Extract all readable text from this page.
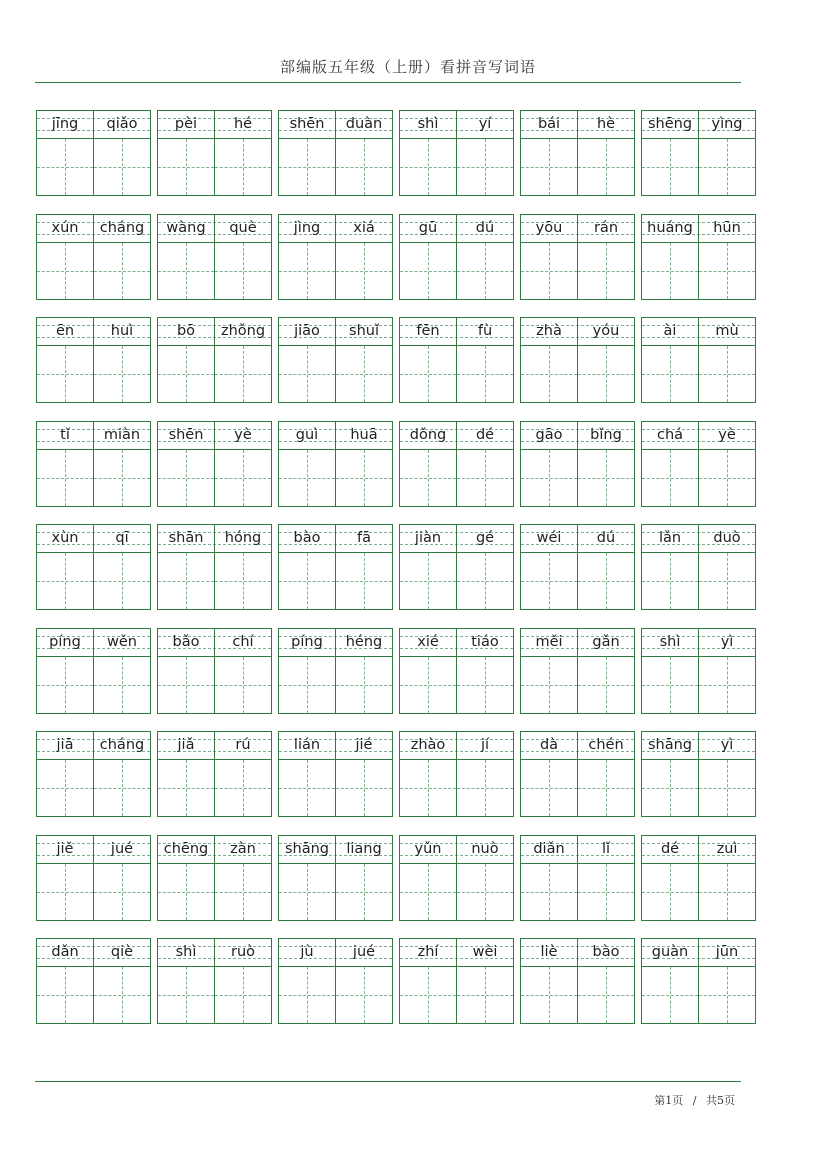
部编版五年级（上册）看拼音写词语
jīng	qiǎo	pèi	hé	shēn	duàn	shì	yí	bái	hè	shēng	yìng
xún	cháng	wàng	què	jìng	xiá	gū	dú	yōu	rán	huáng	hūn
ēn	huì	bō	zhǒng	jiāo	shuǐ	fēn	fù	zhà	yóu	ài	mù
tǐ	miàn	shēn	yè	guì	huā	dǒng	dé	gāo	bǐng	chá	yè
xùn	qī	shān	hóng	bào	fā	jiàn	gé	wéi	dú	lǎn	duò
píng	wěn	bǎo	chí	píng	héng	xié	tiáo	měi	gǎn	shì	yì
jiā	cháng	jiǎ	rú	lián	jié	zhào	jí	dà	chén	shāng	yì
jiě	jué	chēng	zàn	shāng	liang	yǔn	nuò	diǎn	lǐ	dé	zuì
dǎn	qiè	shì	ruò	jù	jué	zhí	wèi	liè	bào	guàn	jūn
第1页 / 共5页
